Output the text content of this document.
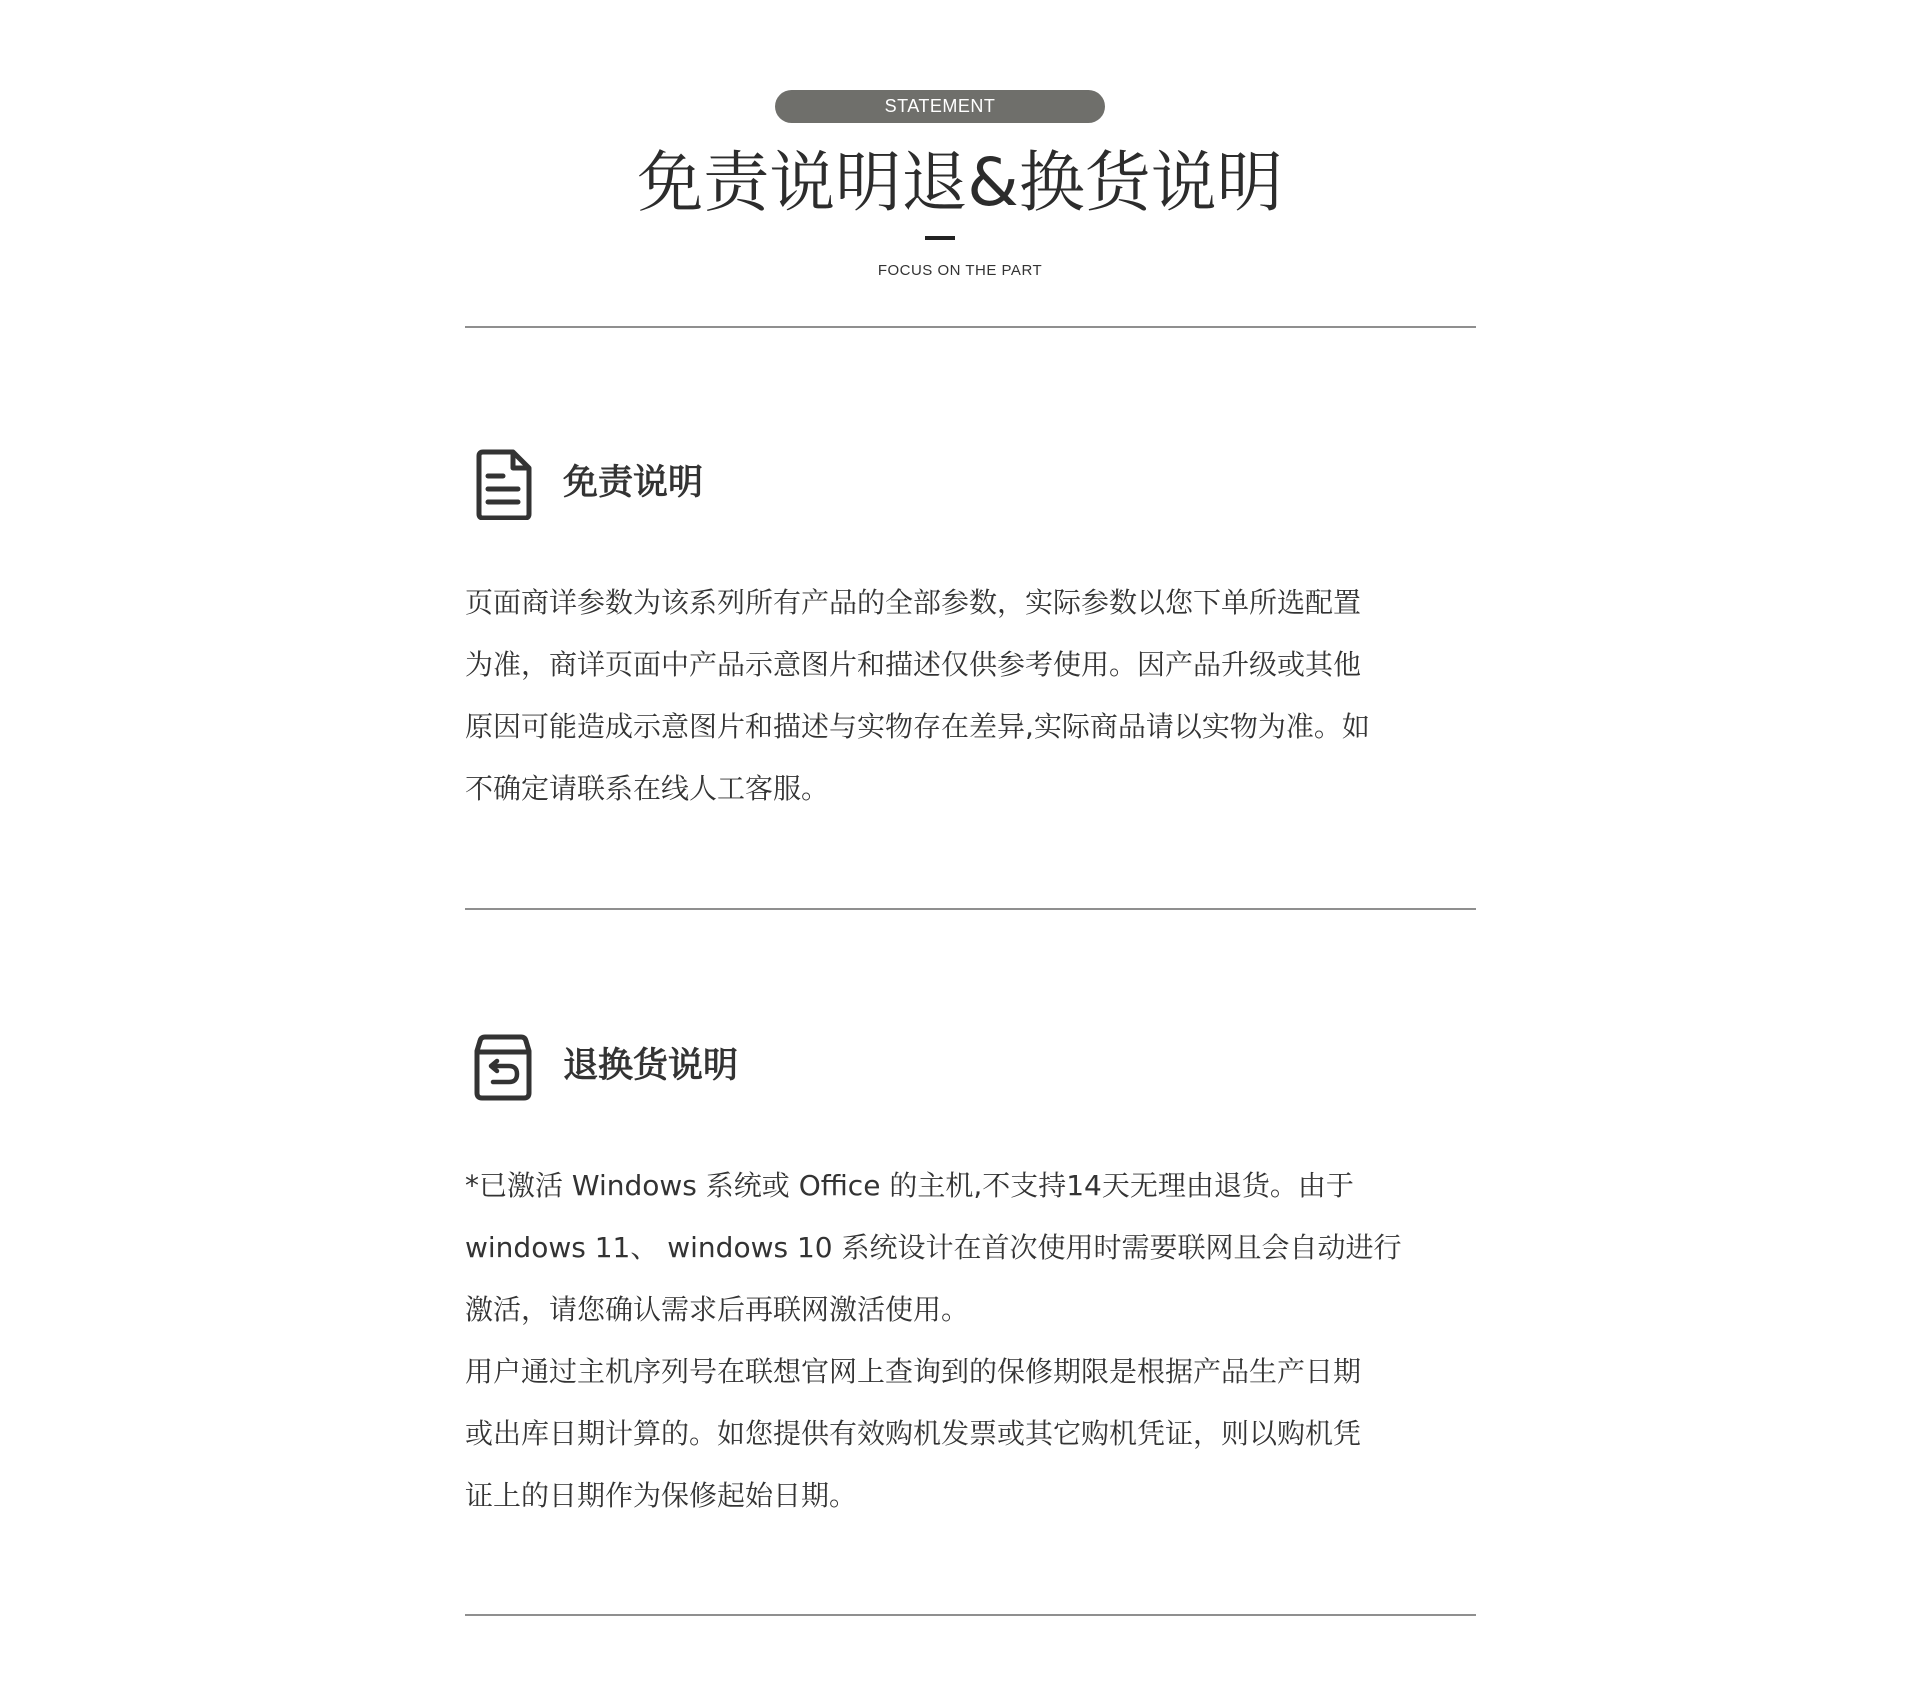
STATEMENT
免责说明退&换货说明
FOCUS ON THE PART
免责说明

页面商详参数为该系列所有产品的全部参数，实际参数以您下单所选配置

为准，商详页面中产品示意图片和描述仅供参考使用。因产品升级或其他

原因可能造成示意图片和描述与实物存在差异,实际商品请以实物为准。如

不确定请联系在线人工客服。

退换货说明

*已激活 Windows 系统或 Office 的主机,不支持14天无理由退货。由于

windows 11、 windows 10 系统设计在首次使用时需要联网且会自动进行

激活，请您确认需求后再联网激活使用。

用户通过主机序列号在联想官网上查询到的保修期限是根据产品生产日期

或出库日期计算的。如您提供有效购机发票或其它购机凭证，则以购机凭

证上的日期作为保修起始日期。
